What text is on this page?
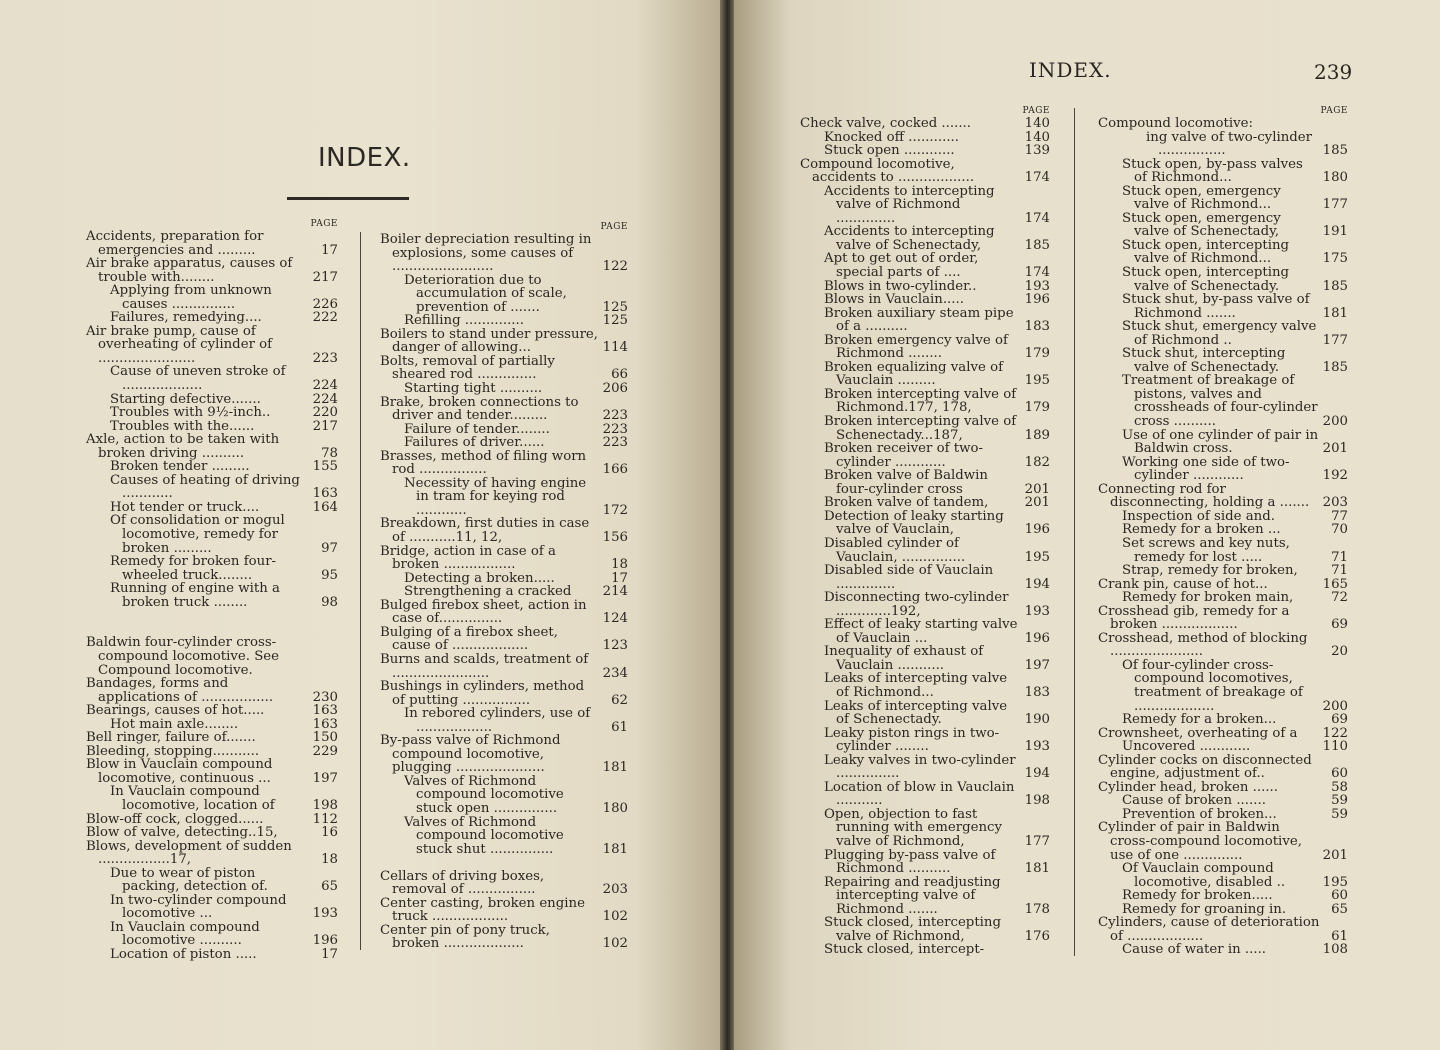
INDEX.
PAGE
Accidents, preparation for emergencies and .........	17
Air brake apparatus, causes of trouble with........	217
Applying from unknown causes ...............	226
Failures, remedying....	222
Air brake pump, cause of overheating of cylinder of .......................	223
Cause of uneven stroke of ...................	224
Starting defective.......	224
Troubles with 9½-inch..	220
Troubles with the......	217
Axle, action to be taken with broken driving ..........	78
Broken tender .........	155
Causes of heating of driving ............	163
Hot tender or truck....	164
Of consolidation or mogul locomotive, remedy for broken .........	97
Remedy for broken four-wheeled truck........	95
Running of engine with a broken truck ........	98
Baldwin four-cylinder cross-compound locomotive. See Compound locomotive.
Bandages, forms and applications of .................	230
Bearings, causes of hot.....	163
Hot main axle........	163
Bell ringer, failure of.......	150
Bleeding, stopping...........	229
Blow in Vauclain compound locomotive, continuous ...	197
In Vauclain compound locomotive, location of	198
Blow-off cock, clogged......	112
Blow of valve, detecting..15,	16
Blows, development of sudden .................17,	18
Due to wear of piston packing, detection of.	65
In two-cylinder compound locomotive ...	193
In Vauclain compound locomotive ..........	196
Location of piston .....	17
PAGE
Boiler depreciation resulting in explosions, some causes of ........................	122
Deterioration due to accumulation of scale, prevention of .......	125
Refilling ..............	125
Boilers to stand under pressure, danger of allowing...	114
Bolts, removal of partially sheared rod ..............	66
Starting tight ..........	206
Brake, broken connections to driver and tender.........	223
Failure of tender........	223
Failures of driver......	223
Brasses, method of filing worn rod ................	166
Necessity of having engine in tram for keying rod ............	172
Breakdown, first duties in case of ...........11, 12,	156
Bridge, action in case of a broken .................	18
Detecting a broken.....	17
Strengthening a cracked	214
Bulged firebox sheet, action in case of...............	124
Bulging of a firebox sheet, cause of ..................	123
Burns and scalds, treatment of .......................	234
Bushings in cylinders, method of putting ................	62
In rebored cylinders, use of ..................	61
By-pass valve of Richmond compound locomotive, plugging .....................	181
Valves of Richmond compound locomotive stuck open ...............	180
Valves of Richmond compound locomotive stuck shut ...............	181
Cellars of driving boxes, removal of ................	203
Center casting, broken engine truck ..................	102
Center pin of pony truck, broken ...................	102
INDEX.	239
PAGE
Check valve, cocked .......	140
Knocked off ............	140
Stuck open ............	139
Compound locomotive, accidents to ..................	174
Accidents to intercepting valve of Richmond ..............	174
Accidents to intercepting valve of Schenectady,	185
Apt to get out of order, special parts of ....	174
Blows in two-cylinder..	193
Blows in Vauclain.....	196
Broken auxiliary steam pipe of a ..........	183
Broken emergency valve of Richmond ........	179
Broken equalizing valve of Vauclain .........	195
Broken intercepting valve of Richmond.177, 178,	179
Broken intercepting valve of Schenectady...187,	189
Broken receiver of two-cylinder ............	182
Broken valve of Baldwin four-cylinder cross	201
Broken valve of tandem,	201
Detection of leaky starting valve of Vauclain,	196
Disabled cylinder of Vauclain, ...............	195
Disabled side of Vauclain ..............	194
Disconnecting two-cylinder .............192,	193
Effect of leaky starting valve of Vauclain ...	196
Inequality of exhaust of Vauclain ...........	197
Leaks of intercepting valve of Richmond...	183
Leaks of intercepting valve of Schenectady.	190
Leaky piston rings in two-cylinder ........	193
Leaky valves in two-cylinder ...............	194
Location of blow in Vauclain ...........	198
Open, objection to fast running with emergency valve of Richmond,	177
Plugging by-pass valve of Richmond ..........	181
Repairing and readjusting intercepting valve of Richmond .......	178
Stuck closed, intercepting valve of Richmond,	176
Stuck closed, intercept-
PAGE
Compound locomotive:
ing valve of two-cylinder ................	185
Stuck open, by-pass valves of Richmond...	180
Stuck open, emergency valve of Richmond...	177
Stuck open, emergency valve of Schenectady,	191
Stuck open, intercepting valve of Richmond...	175
Stuck open, intercepting valve of Schenectady.	185
Stuck shut, by-pass valve of Richmond .......	181
Stuck shut, emergency valve of Richmond ..	177
Stuck shut, intercepting valve of Schenectady.	185
Treatment of breakage of pistons, valves and crossheads of four-cylinder cross ..........	200
Use of one cylinder of pair in Baldwin cross.	201
Working one side of two-cylinder ............	192
Connecting rod for disconnecting, holding a .......	203
Inspection of side and.	77
Remedy for a broken ...	70
Set screws and key nuts, remedy for lost .....	71
Strap, remedy for broken,	71
Crank pin, cause of hot...	165
Remedy for broken main,	72
Crosshead gib, remedy for a broken ..................	69
Crosshead, method of blocking ......................	20
Of four-cylinder cross-compound locomotives, treatment of breakage of ...................	200
Remedy for a broken...	69
Crownsheet, overheating of a	122
Uncovered ............	110
Cylinder cocks on disconnected engine, adjustment of..	60
Cylinder head, broken ......	58
Cause of broken .......	59
Prevention of broken...	59
Cylinder of pair in Baldwin cross-compound locomotive, use of one ..............	201
Of Vauclain compound locomotive, disabled ..	195
Remedy for broken.....	60
Remedy for groaning in.	65
Cylinders, cause of deterioration of ..................	61
Cause of water in .....	108
